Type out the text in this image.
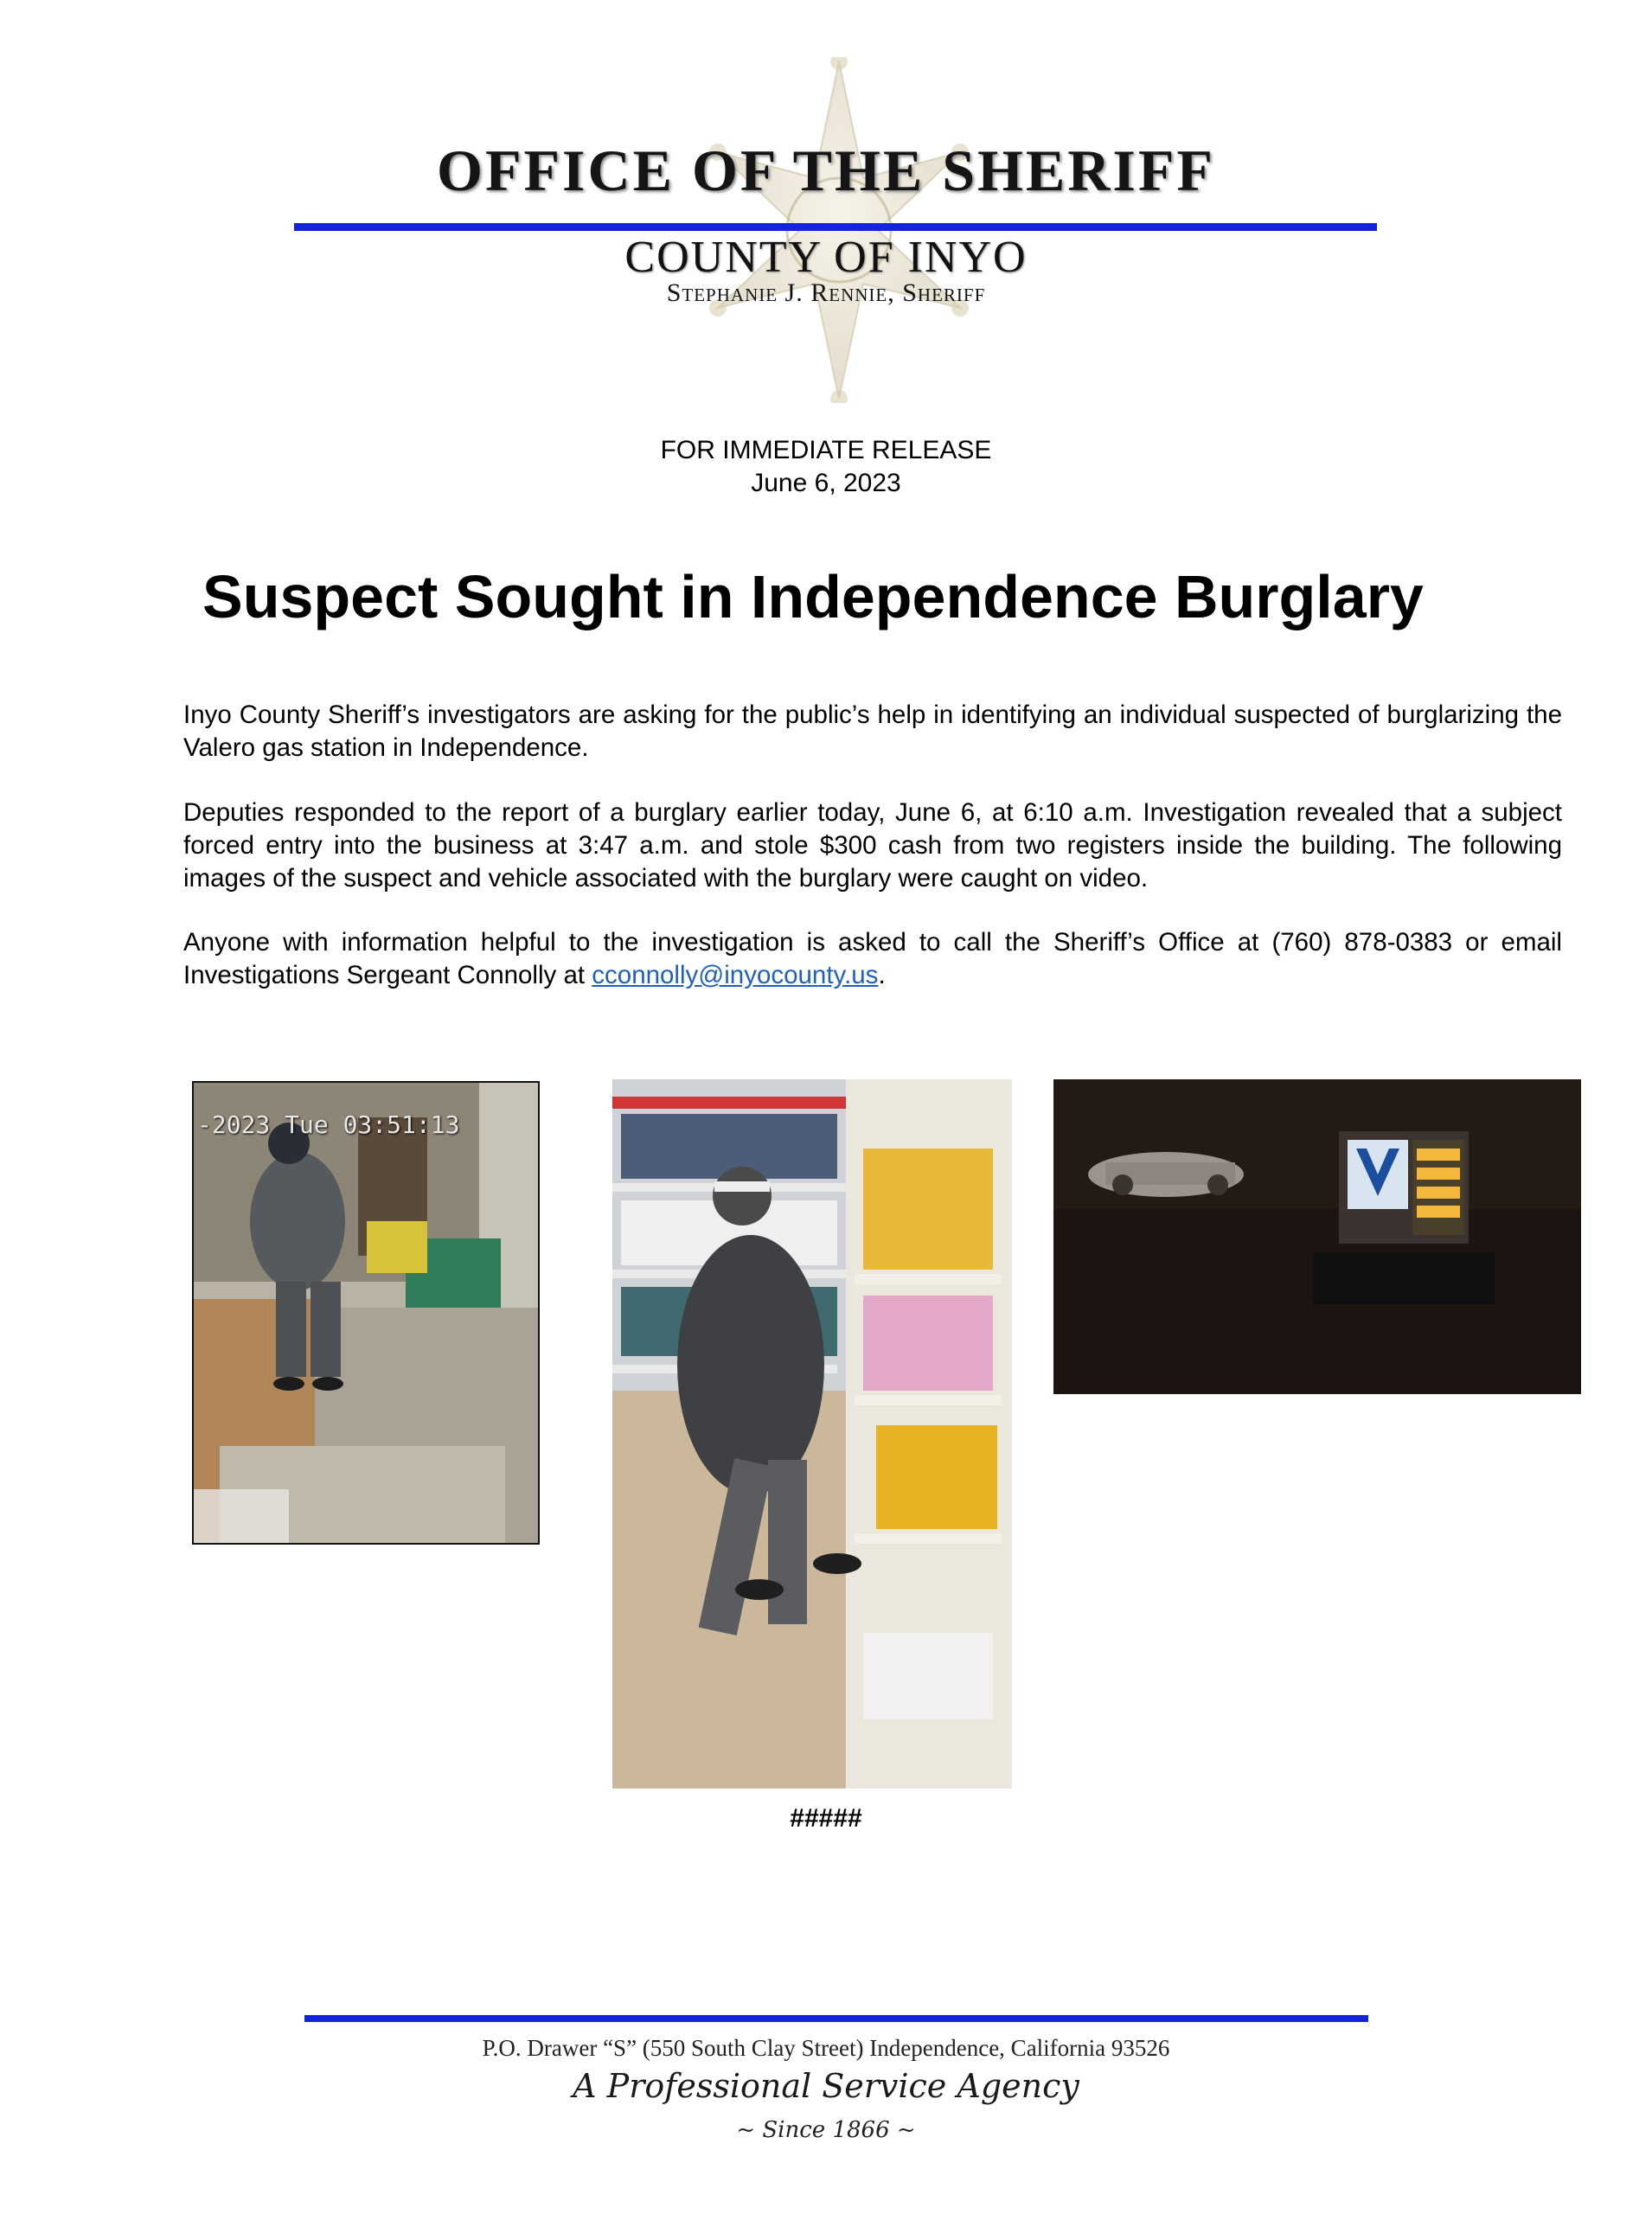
OFFICE OF THE SHERIFF
COUNTY OF INYO
Stephanie J. Rennie, Sheriff
FOR IMMEDIATE RELEASE
June 6, 2023
Suspect Sought in Independence Burglary
Inyo County Sheriff’s investigators are asking for the public’s help in identifying an individual suspected of burglarizing the Valero gas station in Independence.
Deputies responded to the report of a burglary earlier today, June 6, at 6:10 a.m. Investigation revealed that a subject forced entry into the business at 3:47 a.m. and stole $300 cash from two registers inside the building. The following images of the suspect and vehicle associated with the burglary were caught on video.
Anyone with information helpful to the investigation is asked to call the Sheriff’s Office at (760) 878-0383 or email Investigations Sergeant Connolly at cconnolly@inyocounty.us.
-2023 Tue 03:51:13
#####
P.O. Drawer “S” (550 South Clay Street) Independence, California 93526
A Professional Service Agency
~ Since 1866 ~
